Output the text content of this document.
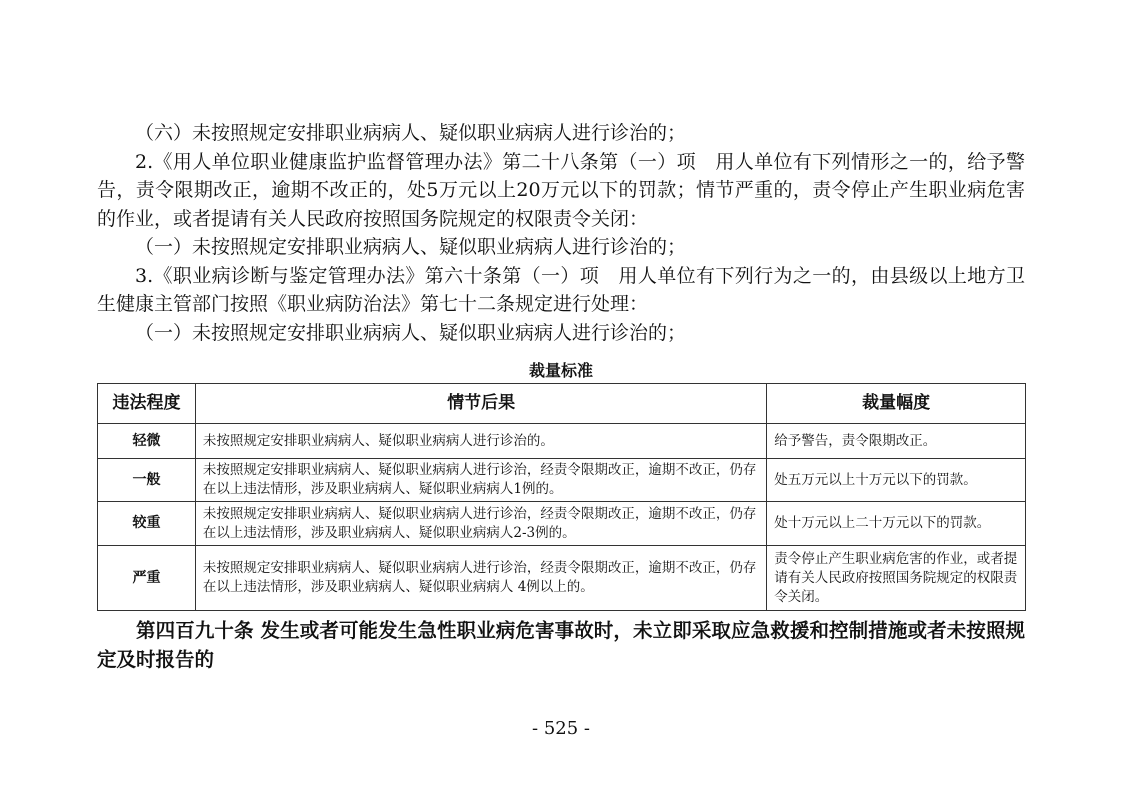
（六）未按照规定安排职业病病人、疑似职业病病人进行诊治的；

2.《用人单位职业健康监护监督管理办法》第二十八条第（一）项　用人单位有下列情形之一的，给予警告，责令限期改正，逾期不改正的，处5万元以上20万元以下的罚款；情节严重的，责令停止产生职业病危害的作业，或者提请有关人民政府按照国务院规定的权限责令关闭：

（一）未按照规定安排职业病病人、疑似职业病病人进行诊治的；

3.《职业病诊断与鉴定管理办法》第六十条第（一）项　用人单位有下列行为之一的，由县级以上地方卫生健康主管部门按照《职业病防治法》第七十二条规定进行处理：

（一）未按照规定安排职业病病人、疑似职业病病人进行诊治的；

裁量标准
违法程度	情节后果	裁量幅度
轻微	未按照规定安排职业病病人、疑似职业病病人进行诊治的。	给予警告，责令限期改正。
一般	未按照规定安排职业病病人、疑似职业病病人进行诊治，经责令限期改正，逾期不改正，仍存在以上违法情形，涉及职业病病人、疑似职业病病人1例的。	处五万元以上十万元以下的罚款。
较重	未按照规定安排职业病病人、疑似职业病病人进行诊治，经责令限期改正，逾期不改正，仍存在以上违法情形，涉及职业病病人、疑似职业病病人2-3例的。	处十万元以上二十万元以下的罚款。
严重	未按照规定安排职业病病人、疑似职业病病人进行诊治，经责令限期改正，逾期不改正，仍存在以上违法情形，涉及职业病病人、疑似职业病病人 4例以上的。	责令停止产生职业病危害的作业，或者提请有关人民政府按照国务院规定的权限责令关闭。
第四百九十条 发生或者可能发生急性职业病危害事故时，未立即采取应急救援和控制措施或者未按照规定及时报告的
- 525 -
